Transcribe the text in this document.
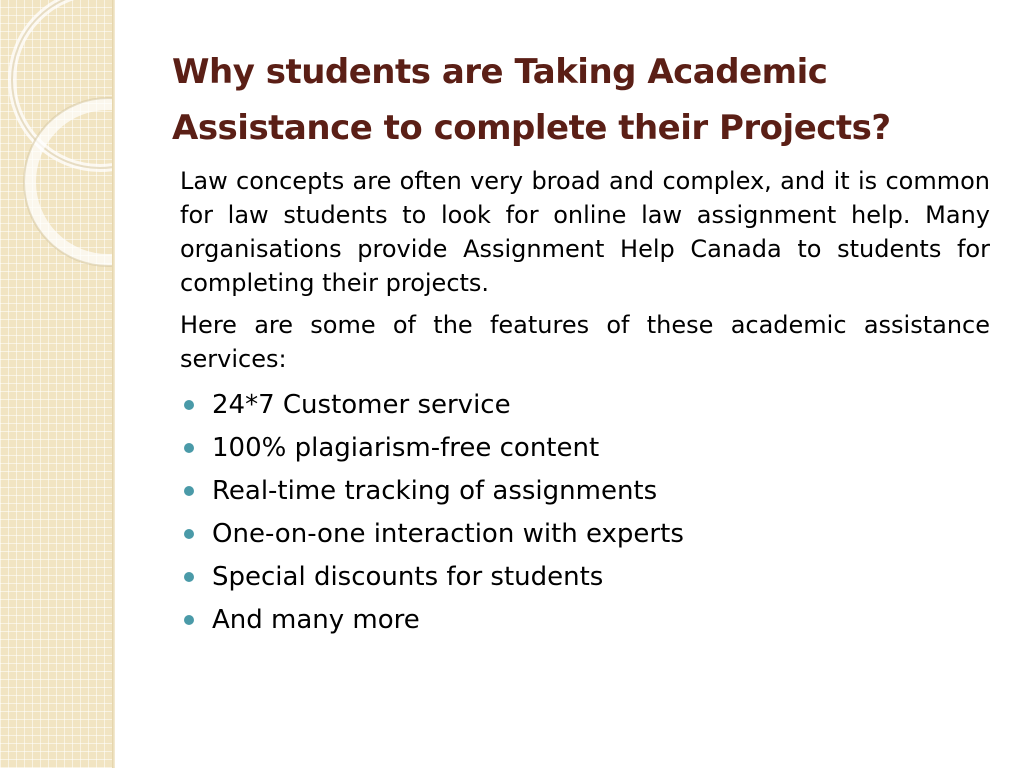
Why students are Taking Academic Assistance to complete their Projects?

Law concepts are often very broad and complex, and it is common for law students to look for online law assignment help. Many organisations provide Assignment Help Canada to students for completing their projects.

Here are some of the features of these academic assistance services:

24*7 Customer service
100% plagiarism-free content
Real-time tracking of assignments
One-on-one interaction with experts
Special discounts for students
And many more
